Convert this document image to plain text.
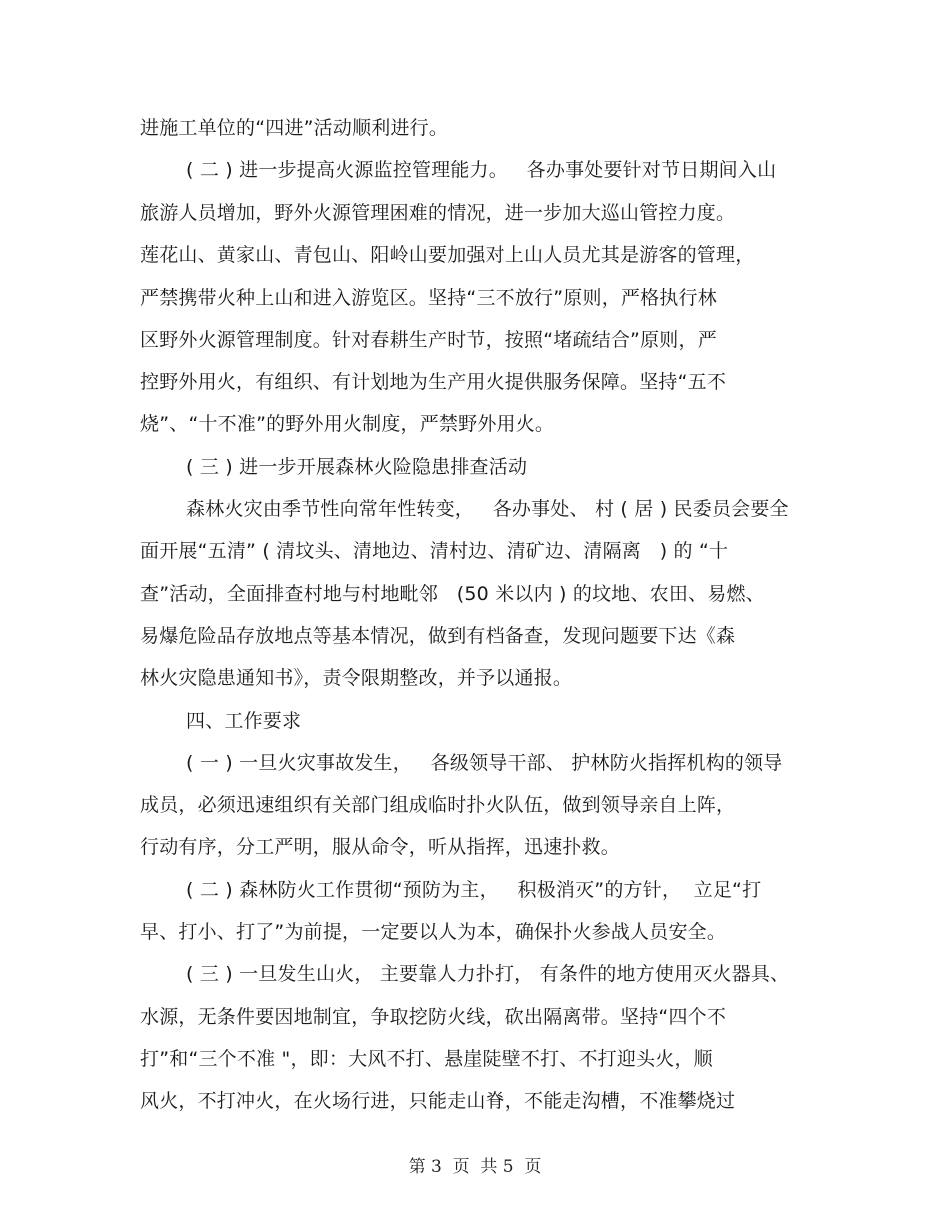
进施工单位的“四进”活动顺利进行。
( 二 ) 进一步提高火源监控管理能力。   各办事处要针对节日期间入山
旅游人员增加，野外火源管理困难的情况，进一步加大巡山管控力度。
莲花山、黄家山、青包山、阳岭山要加强对上山人员尤其是游客的管理，
严禁携带火种上山和进入游览区。坚持“三不放行”原则，严格执行林
区野外火源管理制度。针对春耕生产时节，按照“堵疏结合”原则，严
控野外用火，有组织、有计划地为生产用火提供服务保障。坚持“五不
烧”、“十不准”的野外用火制度，严禁野外用火。
( 三 ) 进一步开展森林火险隐患排查活动
森林火灾由季节性向常年性转变，   各办事处、 村 ( 居 ) 民委员会要全
面开展“五清” ( 清坟头、清地边、清村边、清矿边、清隔离   ) 的 “十
查”活动，全面排查村地与村地毗邻   (50 米以内 ) 的坟地、农田、易燃、
易爆危险品存放地点等基本情况，做到有档备查，发现问题要下达《森
林火灾隐患通知书》，责令限期整改，并予以通报。
四、工作要求
( 一 ) 一旦火灾事故发生，   各级领导干部、 护林防火指挥机构的领导
成员，必须迅速组织有关部门组成临时扑火队伍，做到领导亲自上阵，
行动有序，分工严明，服从命令，听从指挥，迅速扑救。
( 二 ) 森林防火工作贯彻“预防为主，   积极消灭”的方针，  立足“打
早、打小、打了”为前提，一定要以人为本，确保扑火参战人员安全。
( 三 ) 一旦发生山火， 主要靠人力扑打， 有条件的地方使用灭火器具、
水源，无条件要因地制宜，争取挖防火线，砍出隔离带。坚持“四个不
打”和“三个不准 "，即：大风不打、悬崖陡壁不打、不打迎头火，顺
风火，不打冲火，在火场行进，只能走山脊，不能走沟槽，不准攀烧过
第 3  页  共 5  页
